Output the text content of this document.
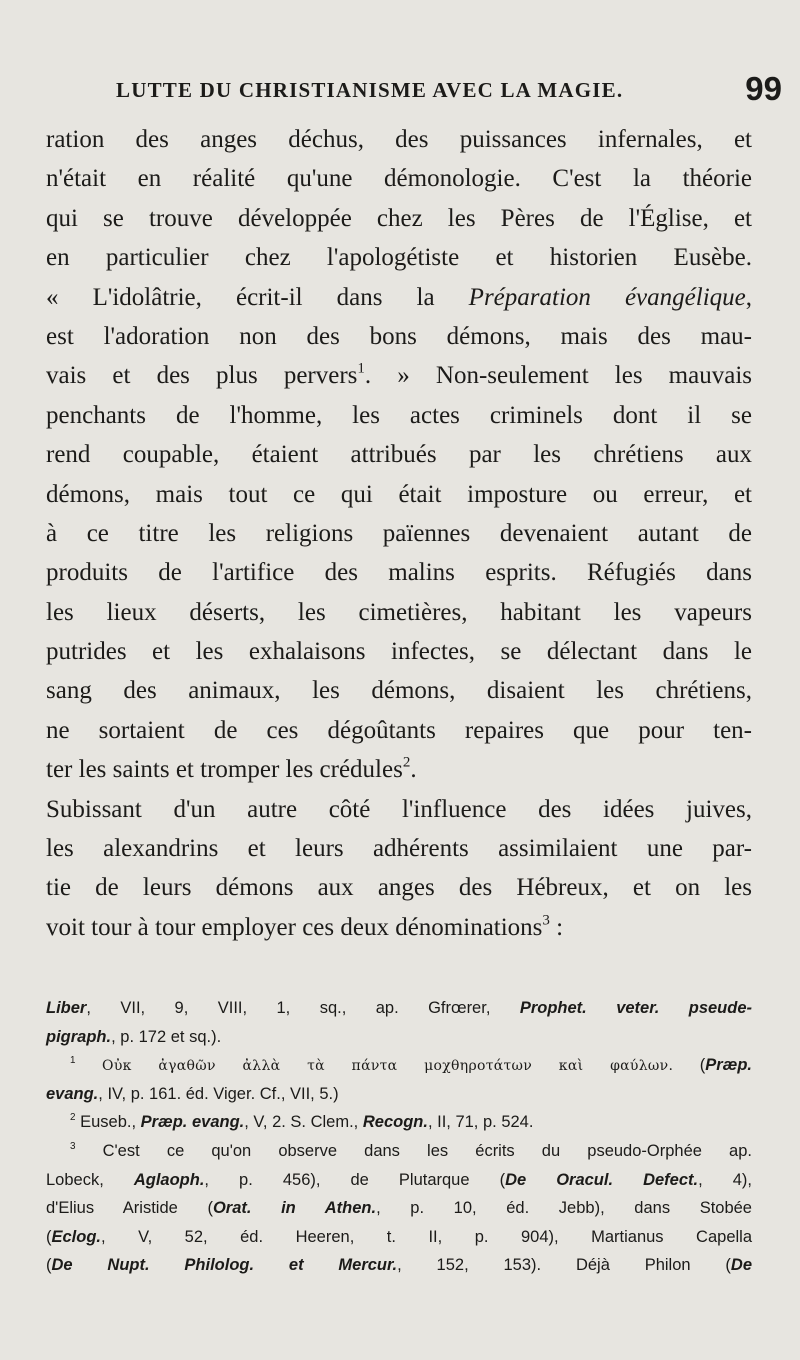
LUTTE DU CHRISTIANISME AVEC LA MAGIE.	99
ration des anges déchus, des puissances infernales, et
n'était en réalité qu'une démonologie. C'est la théorie
qui se trouve développée chez les Pères de l'Église, et
en particulier chez l'apologétiste et historien Eusèbe.
« L'idolâtrie, écrit-il dans la Préparation évangélique,
est l'adoration non des bons démons, mais des mau-
vais et des plus pervers$^1$. » Non-seulement les mauvais
penchants de l'homme, les actes criminels dont il se
rend coupable, étaient attribués par les chrétiens aux
démons, mais tout ce qui était imposture ou erreur, et
à ce titre les religions païennes devenaient autant de
produits de l'artifice des malins esprits. Réfugiés dans
les lieux déserts, les cimetières, habitant les vapeurs
putrides et les exhalaisons infectes, se délectant dans le
sang des animaux, les démons, disaient les chrétiens,
ne sortaient de ces dégoûtants repaires que pour ten-
ter les saints et tromper les crédules$^2$.
Subissant d'un autre côté l'influence des idées juives,
les alexandrins et leurs adhérents assimilaient une par-
tie de leurs démons aux anges des Hébreux, et on les
voit tour à tour employer ces deux dénominations$^3$ :
Liber, VII, 9, VIII, 1, sq., ap. Gfrœrer, Prophet. veter. pseude-
pigraph., p. 172 et sq.).
$^1$ Οὐκ ἀγαθῶν ἀλλὰ τὰ πάντα μοχθηροτάτων καὶ φαύλων. (Præp.
evang., IV, p. 161. éd. Viger. Cf., VII, 5.)
$^2$ Euseb., Præp. evang., V, 2. S. Clem., Recogn., II, 71, p. 524.
$^3$ C'est ce qu'on observe dans les écrits du pseudo-Orphée ap.
Lobeck, Aglaoph., p. 456), de Plutarque (De Oracul. Defect., 4),
d'Elius Aristide (Orat. in Athen., p. 10, éd. Jebb), dans Stobée
(Eclog., V, 52, éd. Heeren, t. II, p. 904), Martianus Capella
(De Nupt. Philolog. et Mercur., 152, 153). Déjà Philon (De
